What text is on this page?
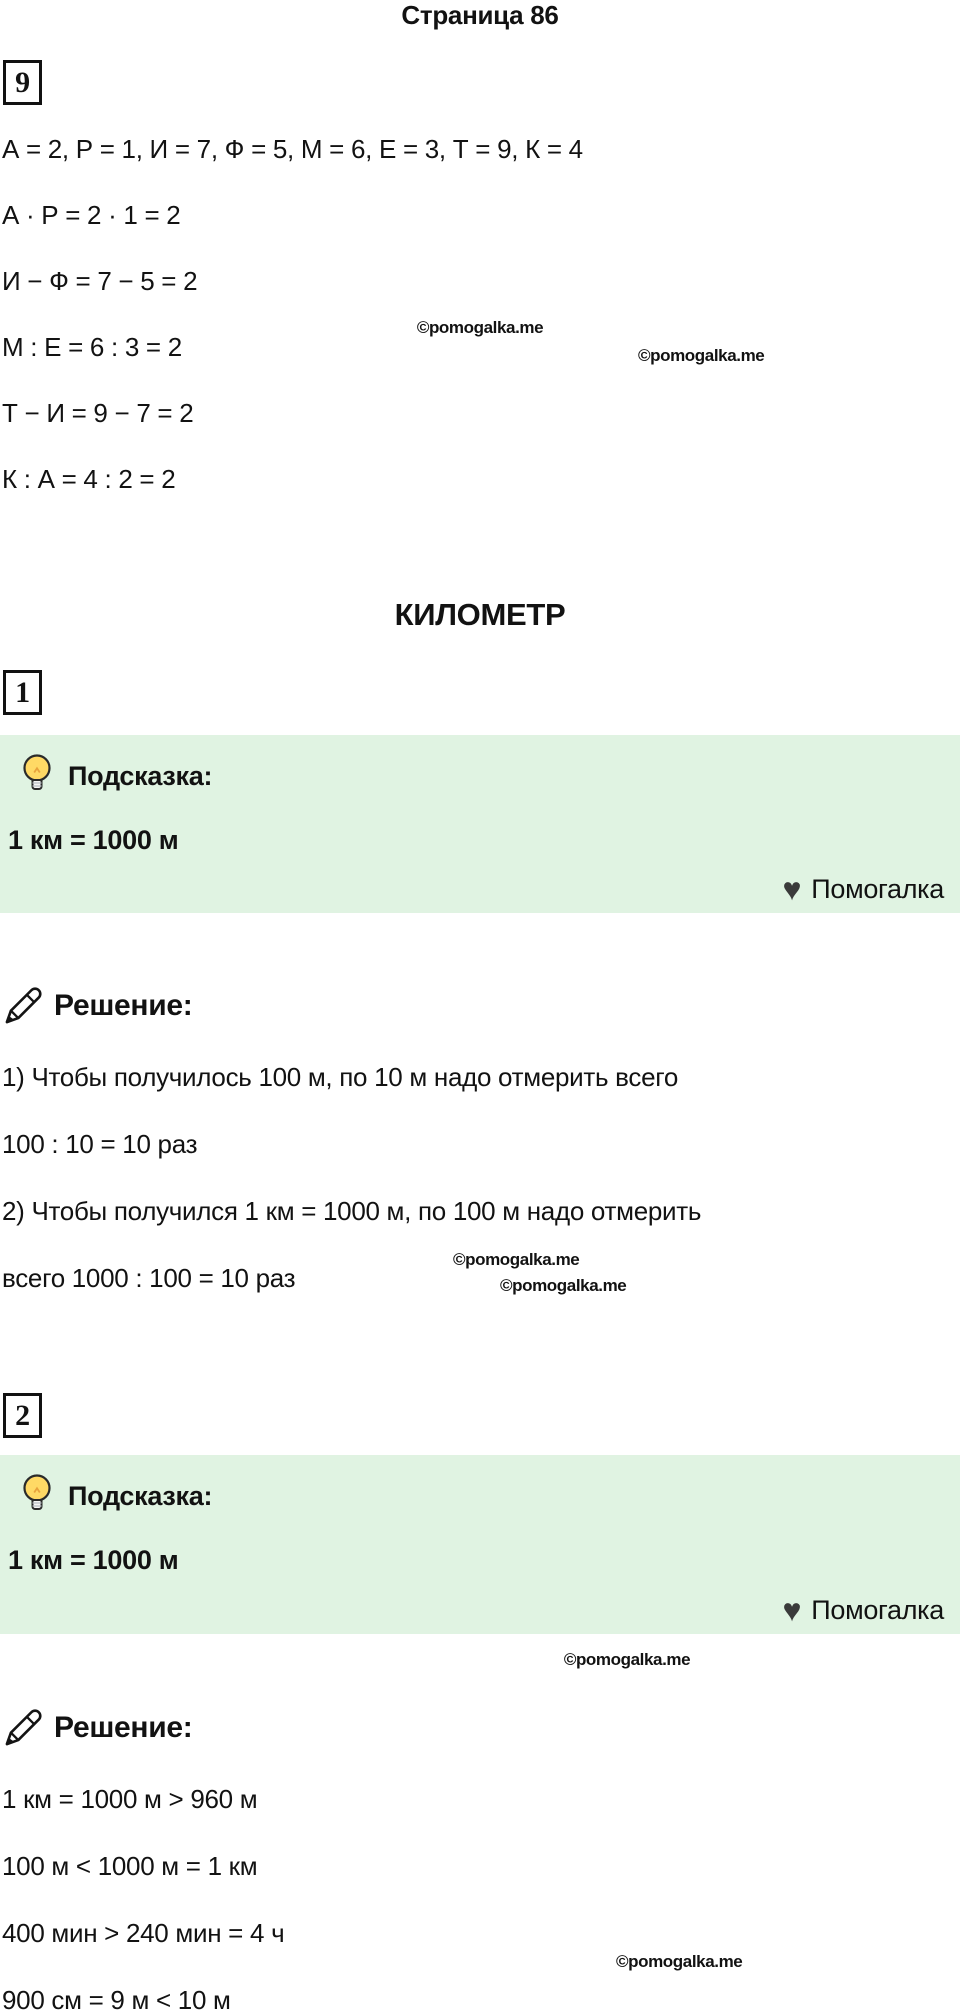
Страница 86
9

А = 2, Р = 1, И = 7, Ф = 5, М = 6, Е = 3, Т = 9, К = 4

А · Р = 2 · 1 = 2

И − Ф = 7 − 5 = 2

М : Е = 6 : 3 = 2

Т − И = 9 − 7 = 2

К : А = 4 : 2 = 2

©pomogalka.me
©pomogalka.me
КИЛОМЕТР
1
Подсказка:
1 км = 1000 м
♥ Помогалка
Решение:

1) Чтобы получилось 100 м, по 10 м надо отмерить всего

100 : 10 = 10 раз

2) Чтобы получился 1 км = 1000 м, по 100 м надо отмерить

всего 1000 : 100 = 10 раз

©pomogalka.me
©pomogalka.me
2
Подсказка:
1 км = 1000 м
♥ Помогалка
©pomogalka.me
Решение:

1 км = 1000 м > 960 м

100 м < 1000 м = 1 км

400 мин > 240 мин = 4 ч

900 см = 9 м < 10 м

©pomogalka.me
